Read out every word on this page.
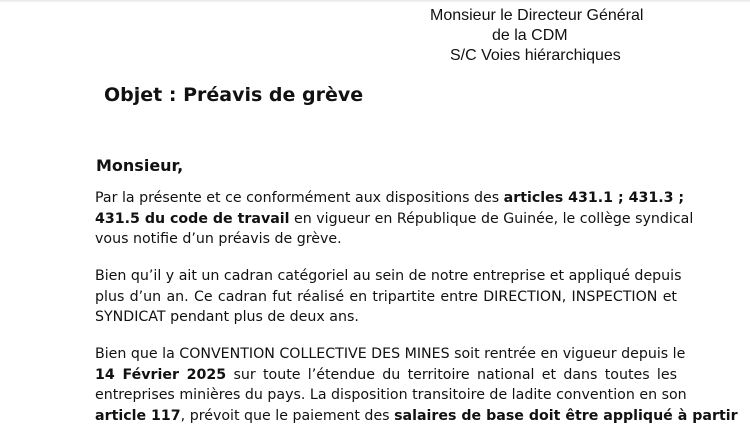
Monsieur le Directeur Général
de la CDM
S/C Voies hiérarchiques
Objet : Préavis de grève
Monsieur,
Par la présente et ce conformément aux dispositions des articles 431.1 ; 431.3 ;
431.5 du code de travail en vigueur en République de Guinée, le collège syndical
vous notifie d’un préavis de grève.
Bien qu’il y ait un cadran catégoriel au sein de notre entreprise et appliqué depuis
plus d’un an. Ce cadran fut réalisé en tripartite entre DIRECTION, INSPECTION et
SYNDICAT pendant plus de deux ans.
Bien que la CONVENTION COLLECTIVE DES MINES soit rentrée en vigueur depuis le
14 Février 2025 sur toute l’étendue du territoire national et dans toutes les
entreprises minières du pays. La disposition transitoire de ladite convention en son
article 117, prévoit que le paiement des salaires de base doit être appliqué à partir
